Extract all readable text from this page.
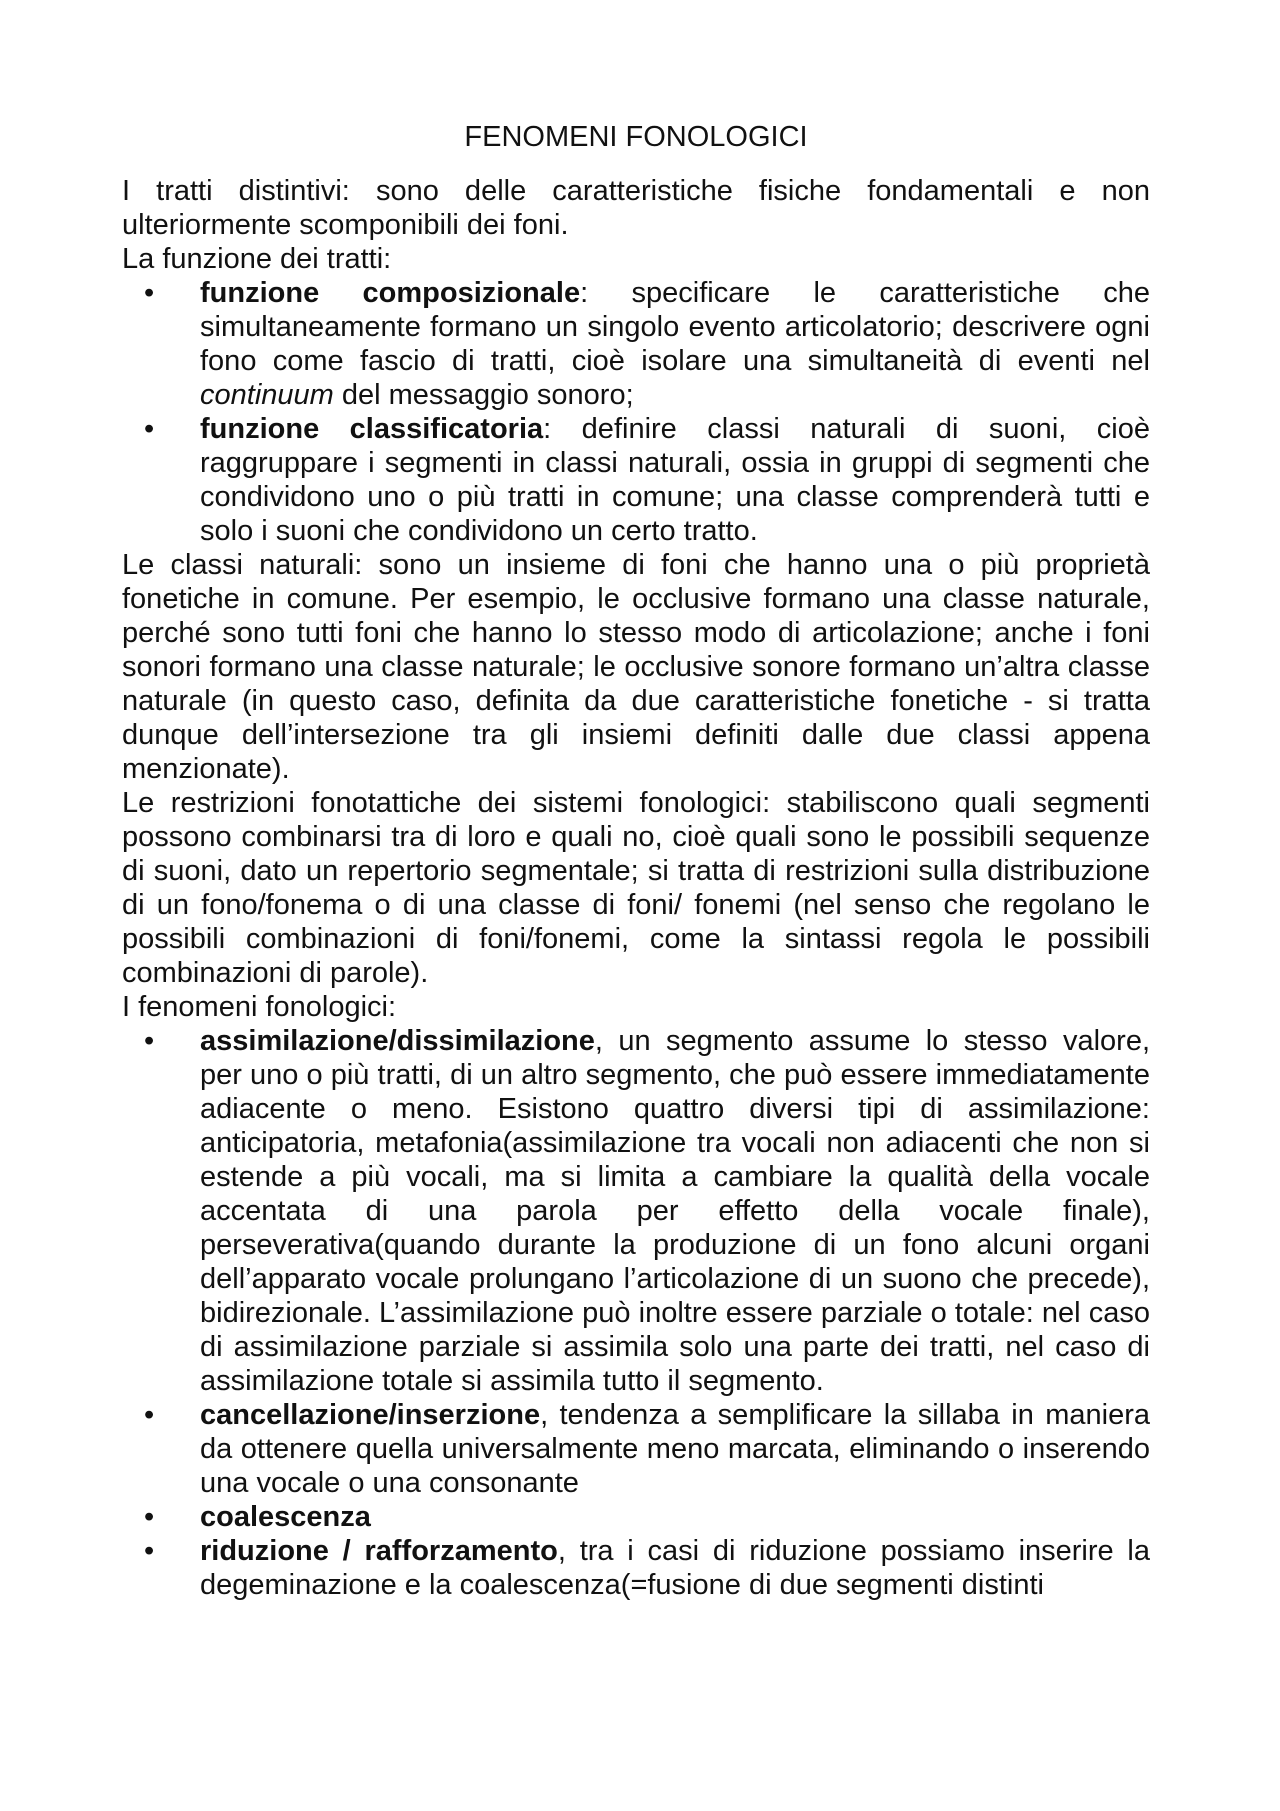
FENOMENI FONOLOGICI

I tratti distintivi: sono delle caratteristiche fisiche fondamentali e non ulteriormente scomponibili dei foni.

La funzione dei tratti:

• funzione composizionale: specificare le caratteristiche che simultaneamente formano un singolo evento articolatorio; descrivere ogni fono come fascio di tratti, cioè isolare una simultaneità di eventi nel continuum del messaggio sonoro;
• funzione classificatoria: definire classi naturali di suoni, cioè raggruppare i segmenti in classi naturali, ossia in gruppi di segmenti che condividono uno o più tratti in comune; una classe comprenderà tutti e solo i suoni che condividono un certo tratto.

Le classi naturali: sono un insieme di foni che hanno una o più proprietà fonetiche in comune. Per esempio, le occlusive formano una classe naturale, perché sono tutti foni che hanno lo stesso modo di articolazione; anche i foni sonori formano una classe naturale; le occlusive sonore formano un’altra classe naturale (in questo caso, definita da due caratteristiche fonetiche - si tratta dunque dell’intersezione tra gli insiemi definiti dalle due classi appena menzionate).

Le restrizioni fonotattiche dei sistemi fonologici: stabiliscono quali segmenti possono combinarsi tra di loro e quali no, cioè quali sono le possibili sequenze di suoni, dato un repertorio segmentale; si tratta di restrizioni sulla distribuzione di un fono/fonema o di una classe di foni/ fonemi (nel senso che regolano le possibili combinazioni di foni/fonemi, come la sintassi regola le possibili combinazioni di parole).

I fenomeni fonologici:

• assimilazione/dissimilazione, un segmento assume lo stesso valore, per uno o più tratti, di un altro segmento, che può essere immediatamente adiacente o meno. Esistono quattro diversi tipi di assimilazione: anticipatoria, metafonia(assimilazione tra vocali non adiacenti che non si estende a più vocali, ma si limita a cambiare la qualità della vocale accentata di una parola per effetto della vocale finale), perseverativa(quando durante la produzione di un fono alcuni organi dell’apparato vocale prolungano l’articolazione di un suono che precede), bidirezionale. L’assimilazione può inoltre essere parziale o totale: nel caso di assimilazione parziale si assimila solo una parte dei tratti, nel caso di assimilazione totale si assimila tutto il segmento.
• cancellazione/inserzione, tendenza a semplificare la sillaba in maniera da ottenere quella universalmente meno marcata, eliminando o inserendo una vocale o una consonante
• coalescenza
• riduzione / rafforzamento, tra i casi di riduzione possiamo inserire la degeminazione e la coalescenza(=fusione di due segmenti distinti
